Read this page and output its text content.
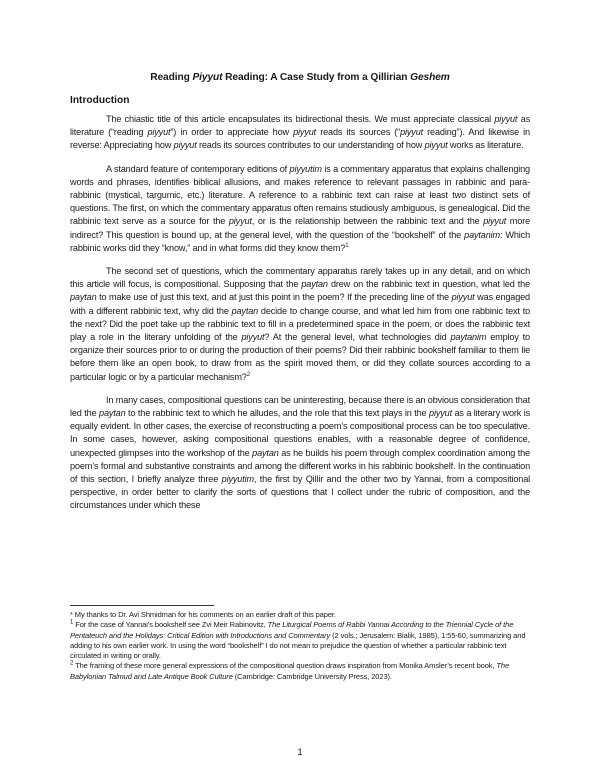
Reading Piyyut Reading: A Case Study from a Qillirian Geshem
Introduction

The chiastic title of this article encapsulates its bidirectional thesis. We must appreciate classical piyyut as literature (“reading piyyut”) in order to appreciate how piyyut reads its sources (“piyyut reading”). And likewise in reverse: Appreciating how piyyut reads its sources contributes to our understanding of how piyyut works as literature.

A standard feature of contemporary editions of piyyutim is a commentary apparatus that explains challenging words and phrases, identifies biblical allusions, and makes reference to relevant passages in rabbinic and para-rabbinic (mystical, targumic, etc.) literature. A reference to a rabbinic text can raise at least two distinct sets of questions. The first, on which the commentary apparatus often remains studiously ambiguous, is genealogical. Did the rabbinic text serve as a source for the piyyut, or is the relationship between the rabbinic text and the piyyut more indirect? This question is bound up, at the general level, with the question of the “bookshelf” of the paytanim: Which rabbinic works did they “know,” and in what forms did they know them?$^1$

The second set of questions, which the commentary apparatus rarely takes up in any detail, and on which this article will focus, is compositional. Supposing that the paytan drew on the rabbinic text in question, what led the paytan to make use of just this text, and at just this point in the poem? If the preceding line of the piyyut was engaged with a different rabbinic text, why did the paytan decide to change course, and what led him from one rabbinic text to the next? Did the poet take up the rabbinic text to fill in a predetermined space in the poem, or does the rabbinic text play a role in the literary unfolding of the piyyut? At the general level, what technologies did paytanim employ to organize their sources prior to or during the production of their poems? Did their rabbinic bookshelf familiar to them lie before them like an open book, to draw from as the spirit moved them, or did they collate sources according to a particular logic or by a particular mechanism?$^2$

In many cases, compositional questions can be uninteresting, because there is an obvious consideration that led the paytan to the rabbinic text to which he alludes, and the role that this text plays in the piyyut as a literary work is equally evident. In other cases, the exercise of reconstructing a poem’s compositional process can be too speculative. In some cases, however, asking compositional questions enables, with a reasonable degree of confidence, unexpected glimpses into the workshop of the paytan as he builds his poem through complex coordination among the poem’s formal and substantive constraints and among the different works in his rabbinic bookshelf. In the continuation of this section, I briefly analyze three piyyutim, the first by Qillir and the other two by Yannai, from a compositional perspective, in order better to clarify the sorts of questions that I collect under the rubric of composition, and the circumstances under which these

* My thanks to Dr. Avi Shmidman for his comments on an earlier draft of this paper.

$^1$ For the case of Yannai’s bookshelf see Zvi Meir Rabinovitz, The Liturgical Poems of Rabbi Yannai According to the Triennial Cycle of the Pentateuch and the Holidays: Critical Edition with Introductions and Commentary (2 vols.; Jerusalem: Bialik, 1985), 1:55-60, summarizing and adding to his own earlier work. In using the word “bookshelf” I do not mean to prejudice the question of whether a particular rabbinic text circulated in writing or orally.

$^2$ The framing of these more general expressions of the compositional question draws inspiration from Monika Amsler’s recent book, The Babylonian Talmud and Late Antique Book Culture (Cambridge: Cambridge University Press, 2023).

1
